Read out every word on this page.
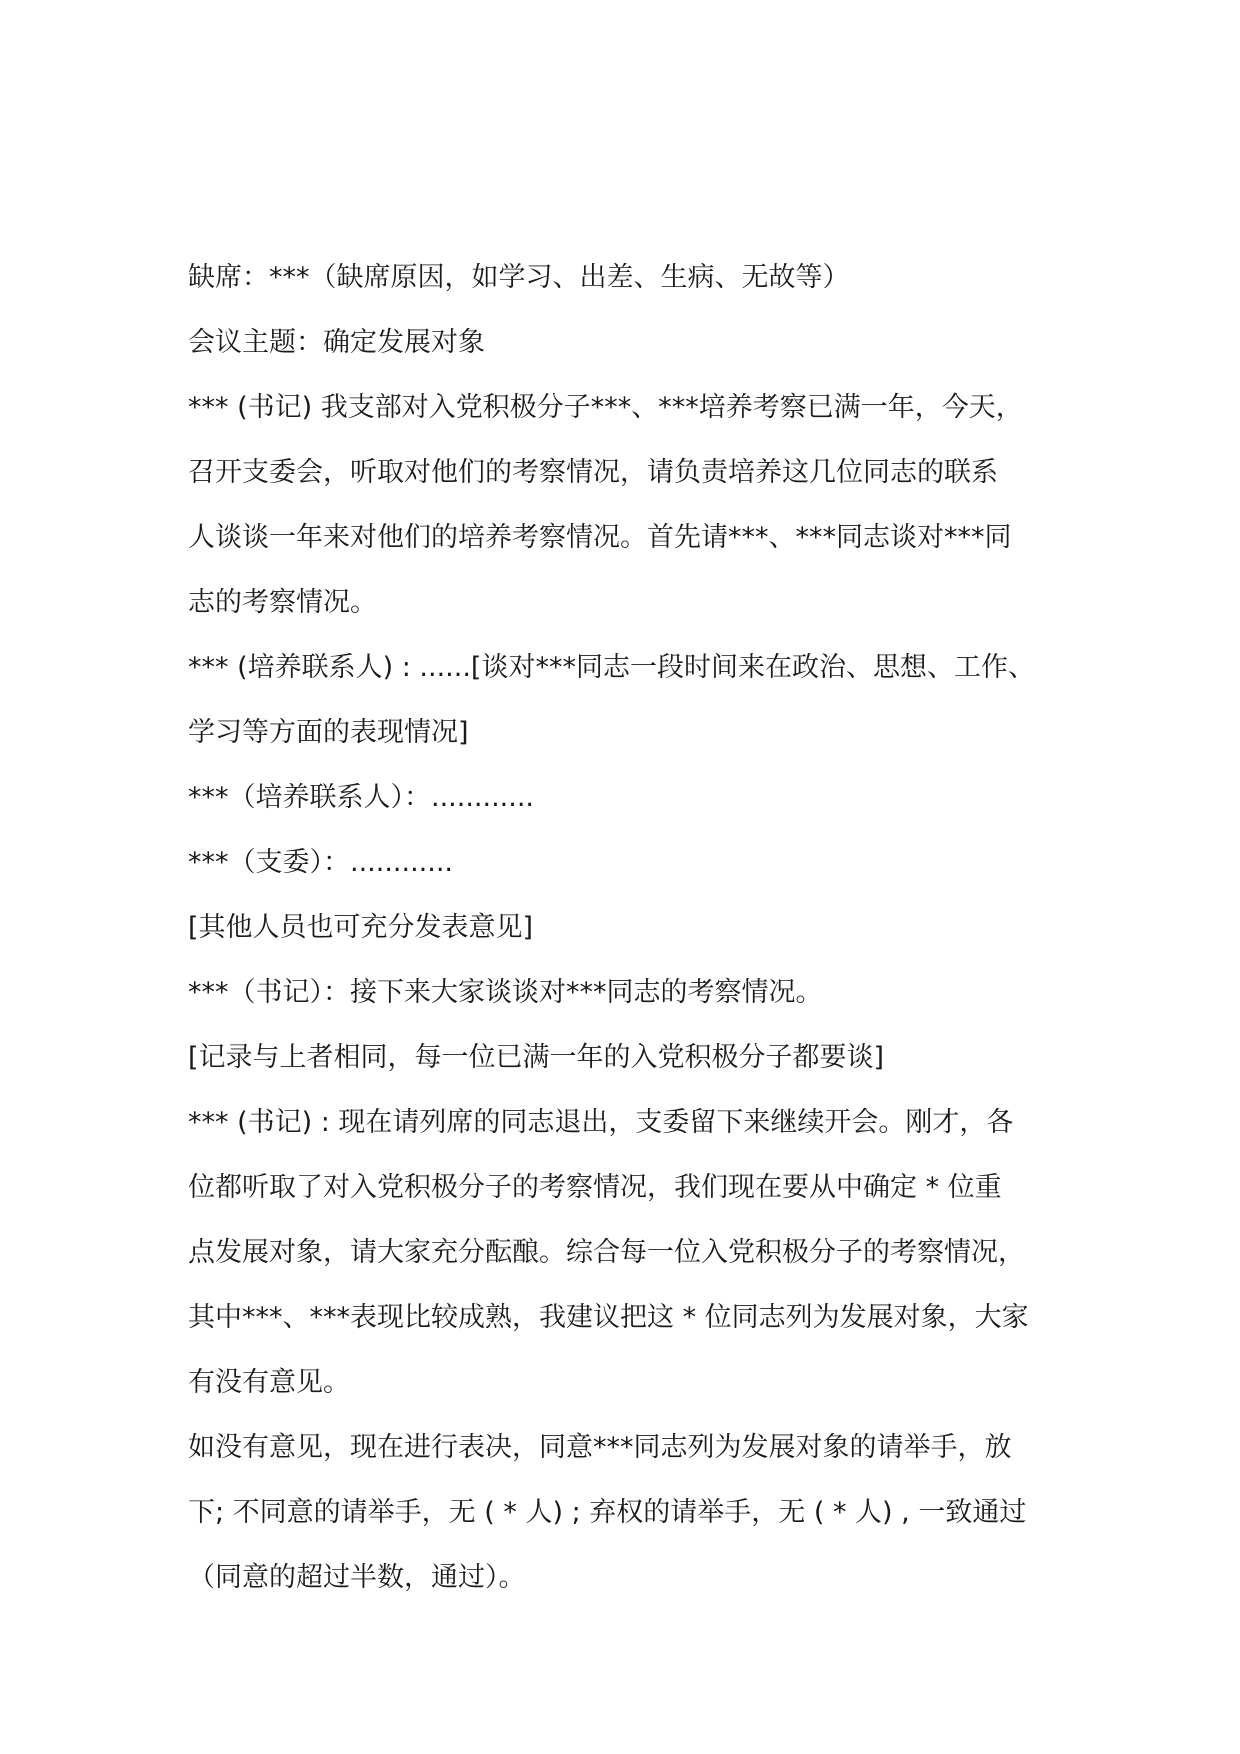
缺席：***（缺席原因，如学习、出差、生病、无故等）
会议主题：确定发展对象
*** (书记) 我支部对入党积极分子***、***培养考察已满一年，今天，
召开支委会，听取对他们的考察情况，请负责培养这几位同志的联系
人谈谈一年来对他们的培养考察情况。首先请***、***同志谈对***同
志的考察情况。
*** (培养联系人) : ......[谈对***同志一段时间来在政治、思想、工作、
学习等方面的表现情况]
***（培养联系人）：............
***（支委）：............
[其他人员也可充分发表意见]
***（书记）：接下来大家谈谈对***同志的考察情况。
[记录与上者相同，每一位已满一年的入党积极分子都要谈]
*** (书记) : 现在请列席的同志退出，支委留下来继续开会。刚才，各
位都听取了对入党积极分子的考察情况，我们现在要从中确定 * 位重
点发展对象，请大家充分酝酿。综合每一位入党积极分子的考察情况，
其中***、***表现比较成熟，我建议把这 * 位同志列为发展对象，大家
有没有意见。
如没有意见，现在进行表决，同意***同志列为发展对象的请举手，放
下; 不同意的请举手，无 ( * 人) ; 弃权的请举手，无 ( * 人) , 一致通过
（同意的超过半数，通过）。
